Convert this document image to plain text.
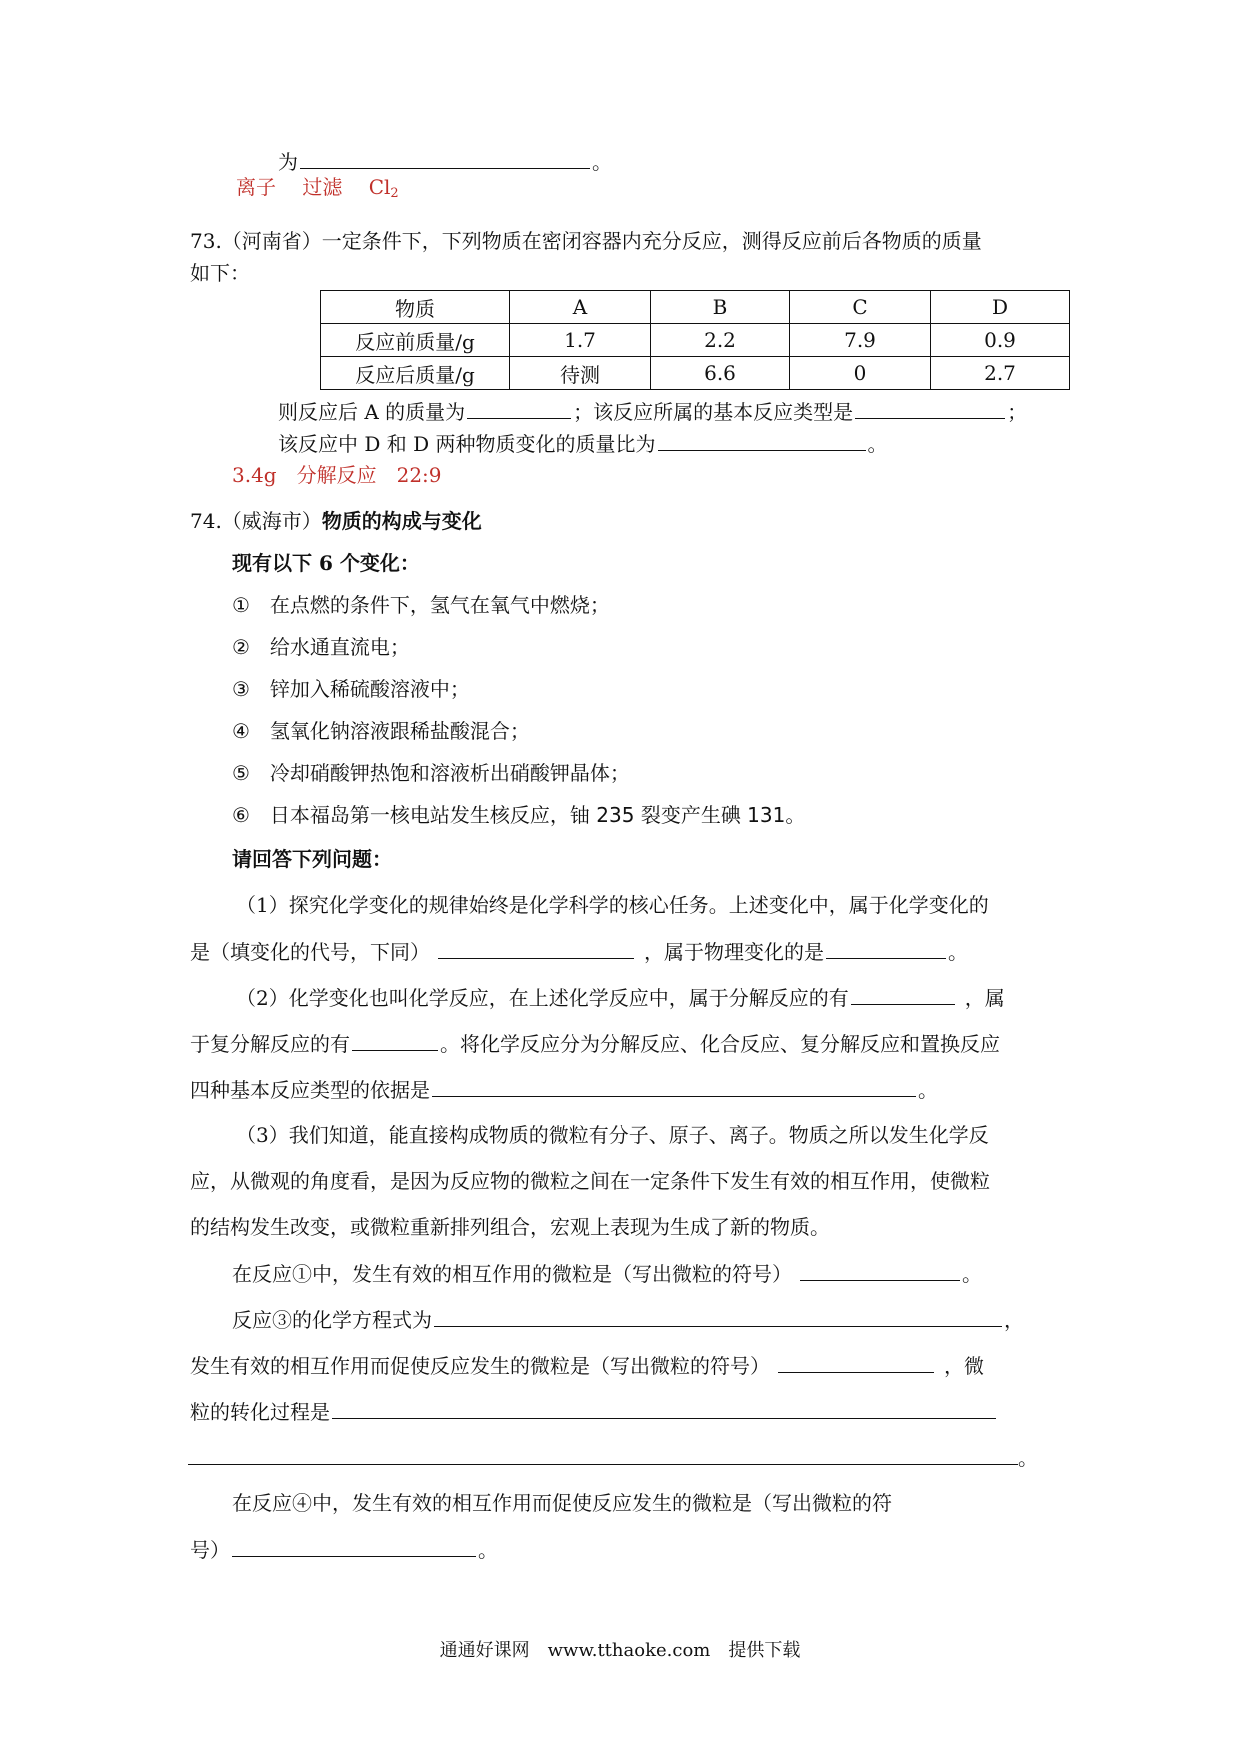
为	。
离子　 过滤　 $Cl_2$
73.（河南省）一定条件下，下列物质在密闭容器内充分反应，测得反应前后各物质的质量
如下：
物质	A	B	C	D
反应前质量/g	1.7	2.2	7.9	0.9
反应后质量/g	待测	6.6	0	2.7
则反应后 A 的质量为	；该反应所属的基本反应类型是	；
该反应中 D 和 D 两种物质变化的质量比为	。
3.4g　分解反应　22:9
74.（威海市）物质的构成与变化
现有以下 6 个变化：
①　在点燃的条件下，氢气在氧气中燃烧；
②　给水通直流电；
③　锌加入稀硫酸溶液中；
④　氢氧化钠溶液跟稀盐酸混合；
⑤　冷却硝酸钾热饱和溶液析出硝酸钾晶体；
⑥　日本福岛第一核电站发生核反应，铀 235 裂变产生碘 131。
请回答下列问题：
（1）探究化学变化的规律始终是化学科学的核心任务。上述变化中，属于化学变化的
是（填变化的代号，下同）	，属于物理变化的是	。
（2）化学变化也叫化学反应，在上述化学反应中，属于分解反应的有	，属
于复分解反应的有	。将化学反应分为分解反应、化合反应、复分解反应和置换反应
四种基本反应类型的依据是	。
（3）我们知道，能直接构成物质的微粒有分子、原子、离子。物质之所以发生化学反
应，从微观的角度看，是因为反应物的微粒之间在一定条件下发生有效的相互作用，使微粒
的结构发生改变，或微粒重新排列组合，宏观上表现为生成了新的物质。
在反应①中，发生有效的相互作用的微粒是（写出微粒的符号）	。
反应③的化学方程式为	，
发生有效的相互作用而促使反应发生的微粒是（写出微粒的符号）	，微
粒的转化过程是
。
在反应④中，发生有效的相互作用而促使反应发生的微粒是（写出微粒的符
号）	。
通通好课网　www.tthaoke.com　提供下载
